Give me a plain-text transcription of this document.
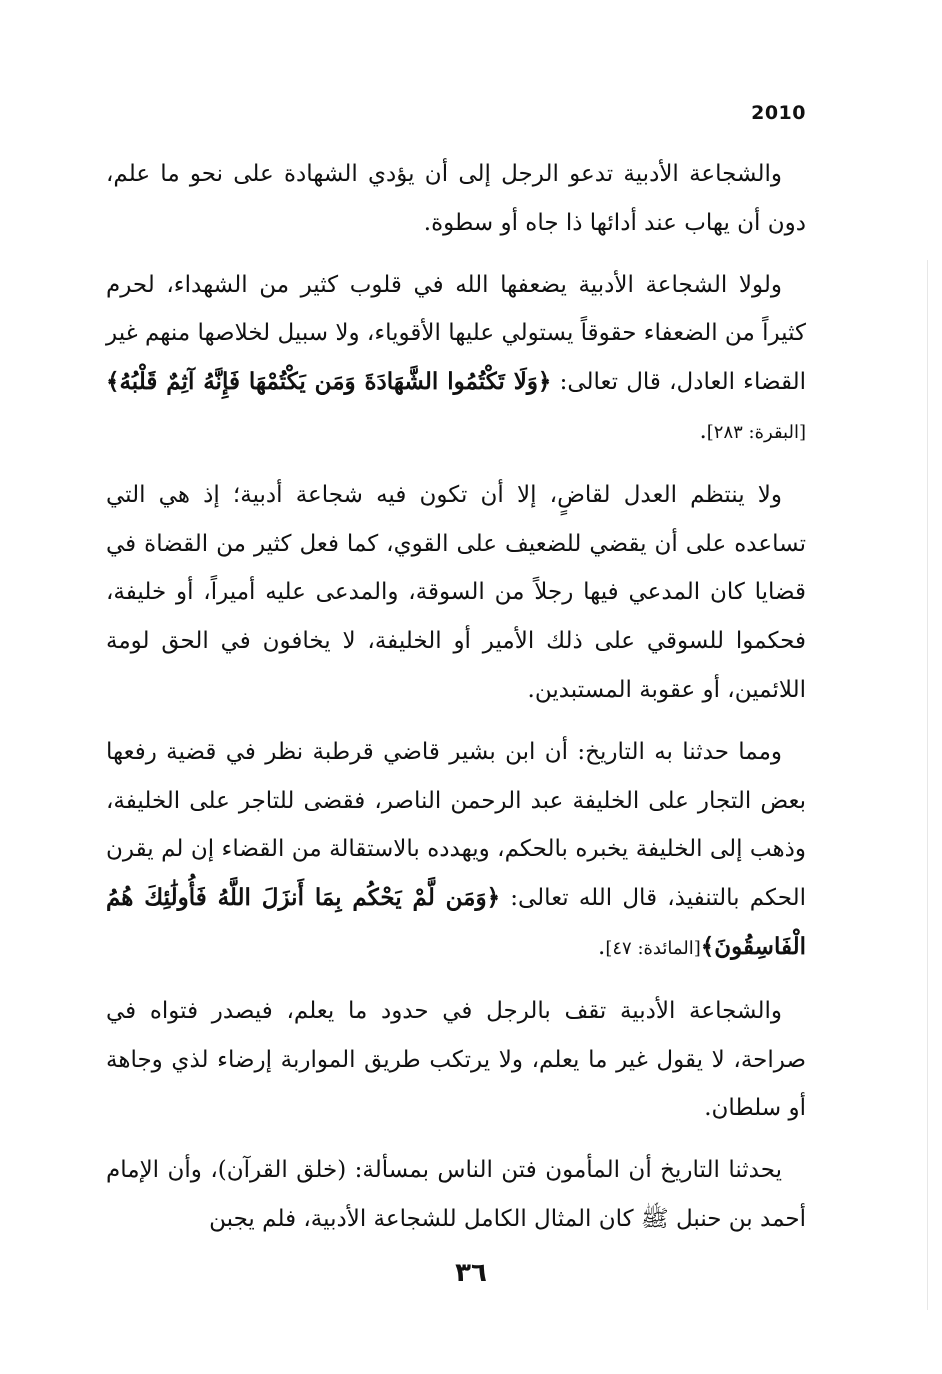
2010

والشجاعة الأدبية تدعو الرجل إلى أن يؤدي الشهادة على نحو ما علم، دون أن يهاب عند أدائها ذا جاه أو سطوة.

ولولا الشجاعة الأدبية يضعفها الله في قلوب كثير من الشهداء، لحرم كثيراً من الضعفاء حقوقاً يستولي عليها الأقوياء، ولا سبيل لخلاصها منهم غير القضاء العادل، قال تعالى: ﴿وَلَا تَكْتُمُوا الشَّهَادَةَ وَمَن يَكْتُمْهَا فَإِنَّهُ آثِمٌ قَلْبُهُ﴾[البقرة: ٢٨٣].

ولا ينتظم العدل لقاضٍ، إلا أن تكون فيه شجاعة أدبية؛ إذ هي التي تساعده على أن يقضي للضعيف على القوي، كما فعل كثير من القضاة في قضايا كان المدعي فيها رجلاً من السوقة، والمدعى عليه أميراً، أو خليفة، فحكموا للسوقي على ذلك الأمير أو الخليفة، لا يخافون في الحق لومة اللائمين، أو عقوبة المستبدين.

ومما حدثنا به التاريخ: أن ابن بشير قاضي قرطبة نظر في قضية رفعها بعض التجار على الخليفة عبد الرحمن الناصر، فقضى للتاجر على الخليفة، وذهب إلى الخليفة يخبره بالحكم، ويهدده بالاستقالة من القضاء إن لم يقرن الحكم بالتنفيذ، قال الله تعالى: ﴿وَمَن لَّمْ يَحْكُم بِمَا أَنزَلَ اللَّهُ فَأُولَٰئِكَ هُمُ الْفَاسِقُونَ﴾[المائدة: ٤٧].

والشجاعة الأدبية تقف بالرجل في حدود ما يعلم، فيصدر فتواه في صراحة، لا يقول غير ما يعلم، ولا يرتكب طريق المواربة إرضاء لذي وجاهة أو سلطان.

يحدثنا التاريخ أن المأمون فتن الناس بمسألة: (خلق القرآن)، وأن الإمام أحمد بن حنبل ﷺ كان المثال الكامل للشجاعة الأدبية، فلم يجبن

٣٦
